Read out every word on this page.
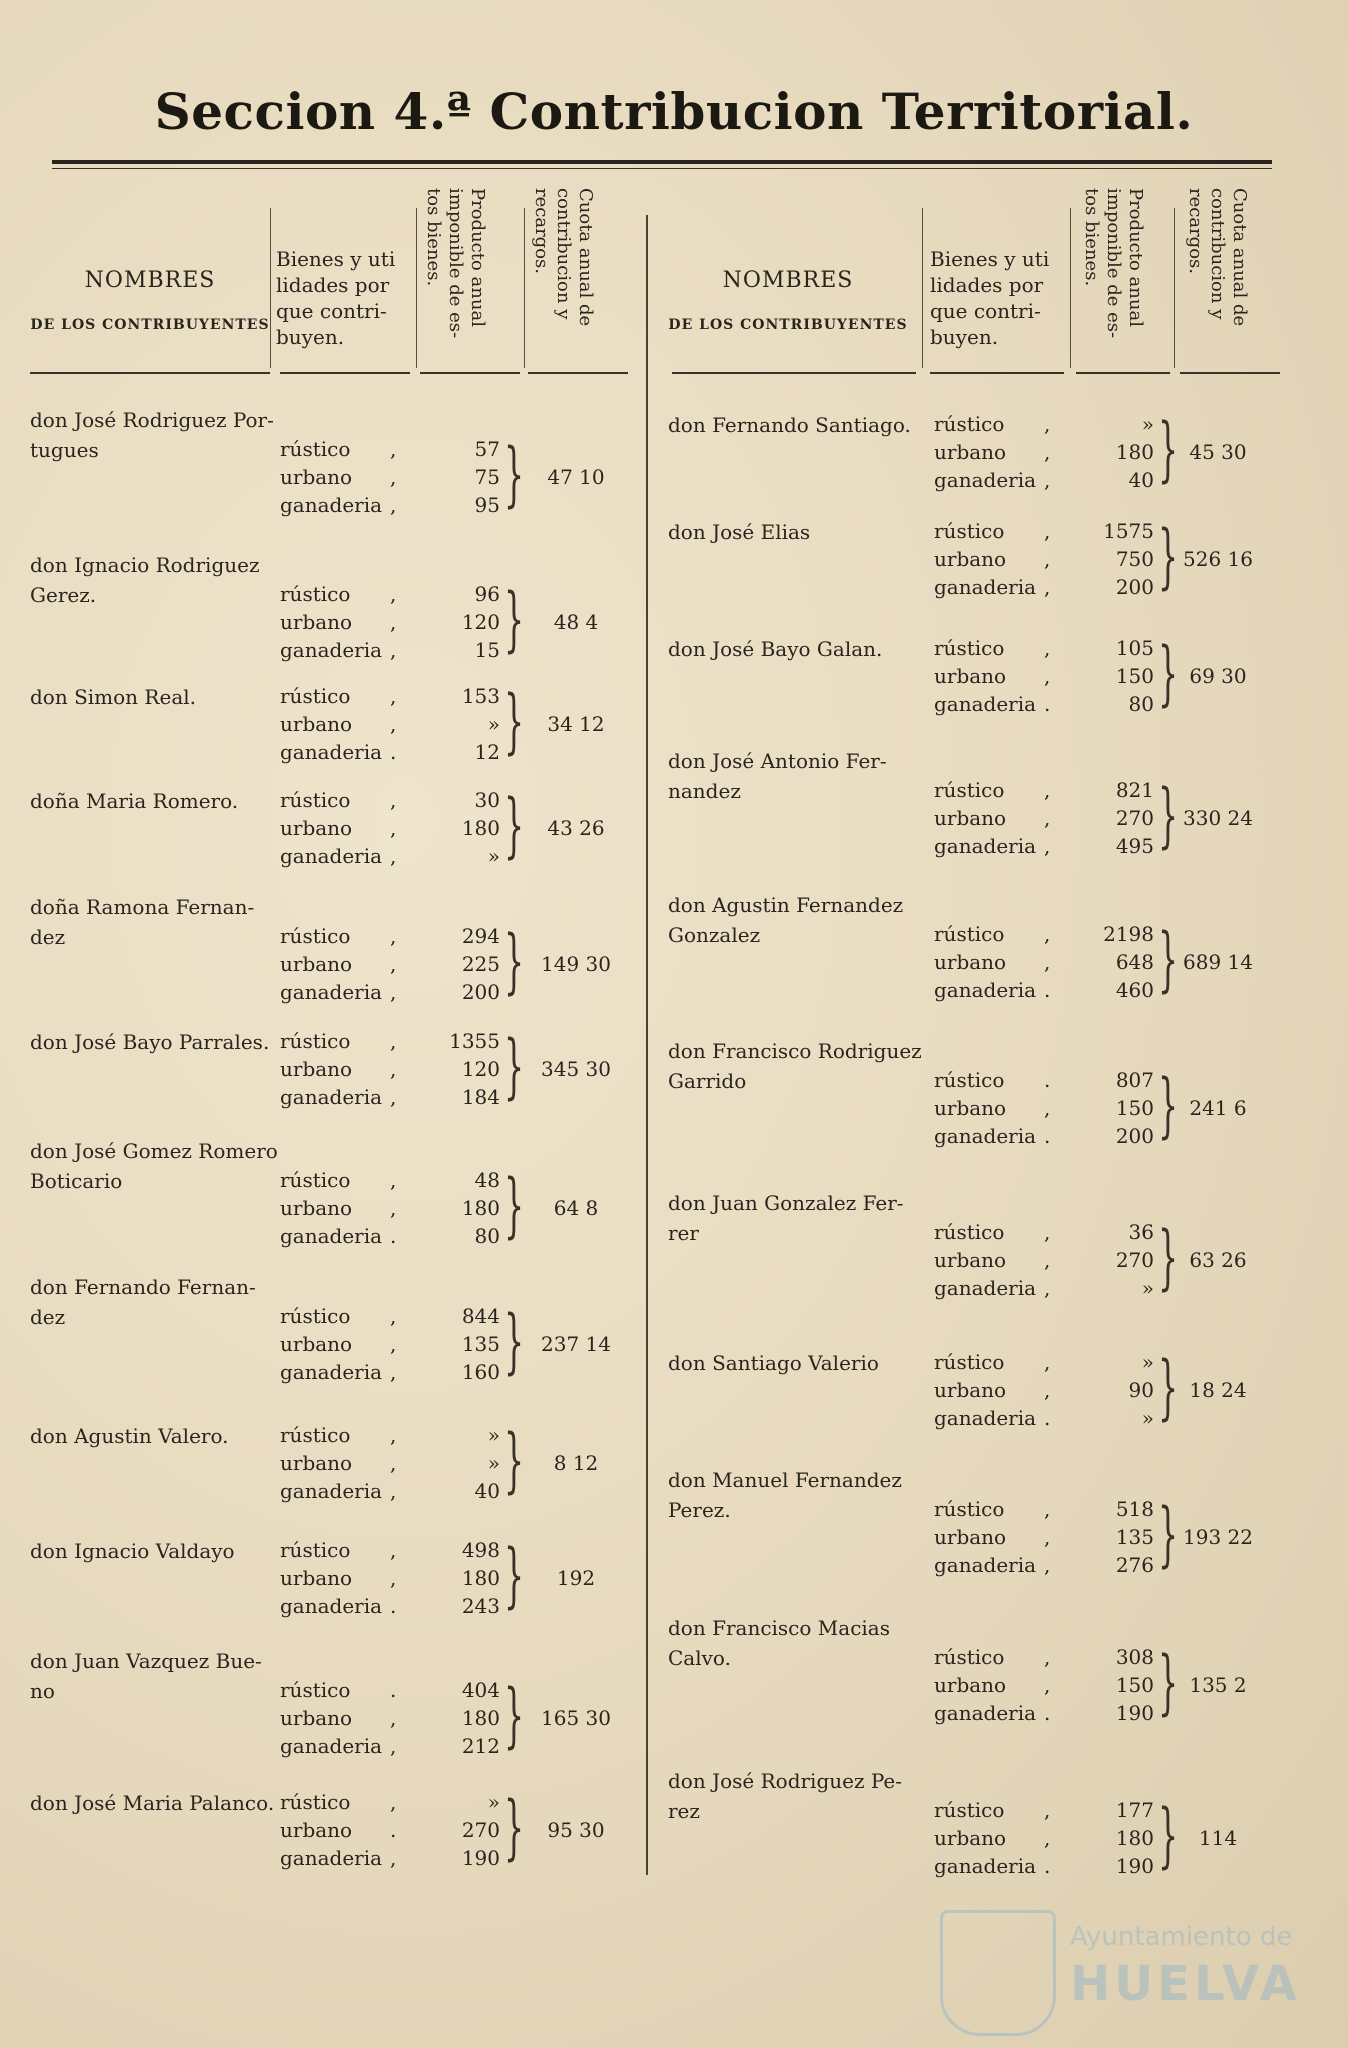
Seccion 4.ª Contribucion Territorial.
NOMBRES
DE LOS CONTRIBUYENTES
Bienes y uti lidades por que contri- buyen.
Producto anual imponible de es- tos bienes.	Cuota anual de contribucion y recargos.
don José Rodriguez Por-
tugues	rústico ,	57
urbano ,	75
ganaderia ,	95 }	47 10
don Ignacio Rodriguez
Gerez.	rústico ,	96
urbano ,	120
ganaderia ,	15 }	48 4
don Simon Real.	rústico ,	153
urbano ,	»
ganaderia .	12 }	34 12
doña Maria Romero.	rústico ,	30
urbano ,	180
ganaderia ,	» }	43 26
doña Ramona Fernan-
dez	rústico ,	294
urbano ,	225
ganaderia ,	200 } 149 30
don José Bayo Parrales. rústico ,	1355
urbano ,	120
ganaderia ,	184 } 345 30
don José Gomez Romero
Boticario	rústico ,	48
urbano ,	180
ganaderia .	80 }	64 8
don Fernando Fernan-
dez	rústico ,	844
urbano ,	135
ganaderia ,	160 } 237 14
don Agustin Valero.	rústico ,	»
urbano ,	»
ganaderia ,	40 }	8 12
don Ignacio Valdayo	rústico ,	498
urbano ,	180
ganaderia .	243 }	192
don Juan Vazquez Bue-
no	rústico .	404
urbano ,	180
ganaderia ,	212 } 165 30
don José Maria Palanco. rústico ,	»
urbano .	270
ganaderia ,	190 }	95 30
NOMBRES
DE LOS CONTRIBUYENTES
Bienes y uti lidades por que contri- buyen.
Producto anual imponible de es- tos bienes.	Cuota anual de contribucion y recargos.
don Fernando Santiago.	rústico ,	»
urbano ,	180
ganaderia ,	40 } 45 30
don José Elias	rústico ,	1575
urbano ,	750
ganaderia ,	200 } 526 16
don José Bayo Galan.	rústico ,	105
urbano ,	150
ganaderia .	80 } 69 30
don José Antonio Fer-
nandez	rústico ,	821
urbano ,	270
ganaderia ,	495 } 330 24
don Agustin Fernandez
Gonzalez	rústico ,	2198
urbano ,	648
ganaderia .	460 } 689 14
don Francisco Rodriguez
Garrido	rústico .	807
urbano ,	150
ganaderia .	200 } 241 6
don Juan Gonzalez Fer-
rer	rústico ,	36
urbano ,	270
ganaderia ,	» } 63 26
don Santiago Valerio	rústico ,	»
urbano ,	90
ganaderia .	» } 18 24
don Manuel Fernandez
Perez.	rústico ,	518
urbano ,	135
ganaderia ,	276 } 193 22
don Francisco Macias
Calvo.	rústico ,	308
urbano ,	150
ganaderia .	190 } 135 2
don José Rodriguez Pe-
rez	rústico ,	177
urbano ,	180
ganaderia .	190 }	114
Ayuntamiento de
HUELVA
